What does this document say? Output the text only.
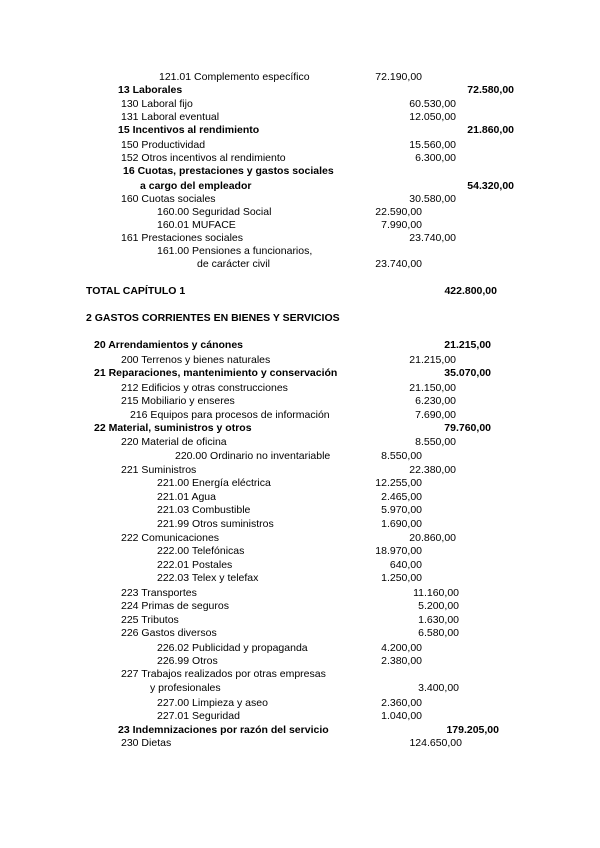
121.01 Complemento específico	72.190,00
13 Laborales	72.580,00
130 Laboral fijo	60.530,00
131 Laboral eventual	12.050,00
15 Incentivos al rendimiento	21.860,00
150 Productividad	15.560,00
152 Otros incentivos al rendimiento	6.300,00
16 Cuotas, prestaciones y gastos sociales
a cargo del empleador	54.320,00
160 Cuotas sociales	30.580,00
160.00 Seguridad Social	22.590,00
160.01 MUFACE	7.990,00
161 Prestaciones sociales	23.740,00
161.00 Pensiones a funcionarios,
de carácter civil	23.740,00
TOTAL CAPÍTULO 1	422.800,00
2 GASTOS CORRIENTES EN BIENES Y SERVICIOS
20 Arrendamientos y cánones	21.215,00
200 Terrenos y bienes naturales	21.215,00
21 Reparaciones, mantenimiento y conservación	35.070,00
212 Edificios y otras construcciones	21.150,00
215 Mobiliario y enseres	6.230,00
216 Equipos para procesos de información	7.690,00
22 Material, suministros y otros	79.760,00
220 Material de oficina	8.550,00
220.00 Ordinario no inventariable	8.550,00
221 Suministros	22.380,00
221.00 Energía eléctrica	12.255,00
221.01 Agua	2.465,00
221.03 Combustible	5.970,00
221.99 Otros suministros	1.690,00
222 Comunicaciones	20.860,00
222.00 Telefónicas	18.970,00
222.01 Postales	640,00
222.03 Telex y telefax	1.250,00
223 Transportes	11.160,00
224 Primas de seguros	5.200,00
225 Tributos	1.630,00
226 Gastos diversos	6.580,00
226.02 Publicidad y propaganda	4.200,00
226.99 Otros	2.380,00
227 Trabajos realizados por otras empresas
y profesionales	3.400,00
227.00 Limpieza y aseo	2.360,00
227.01 Seguridad	1.040,00
23 Indemnizaciones por razón del servicio	179.205,00
230 Dietas	124.650,00
